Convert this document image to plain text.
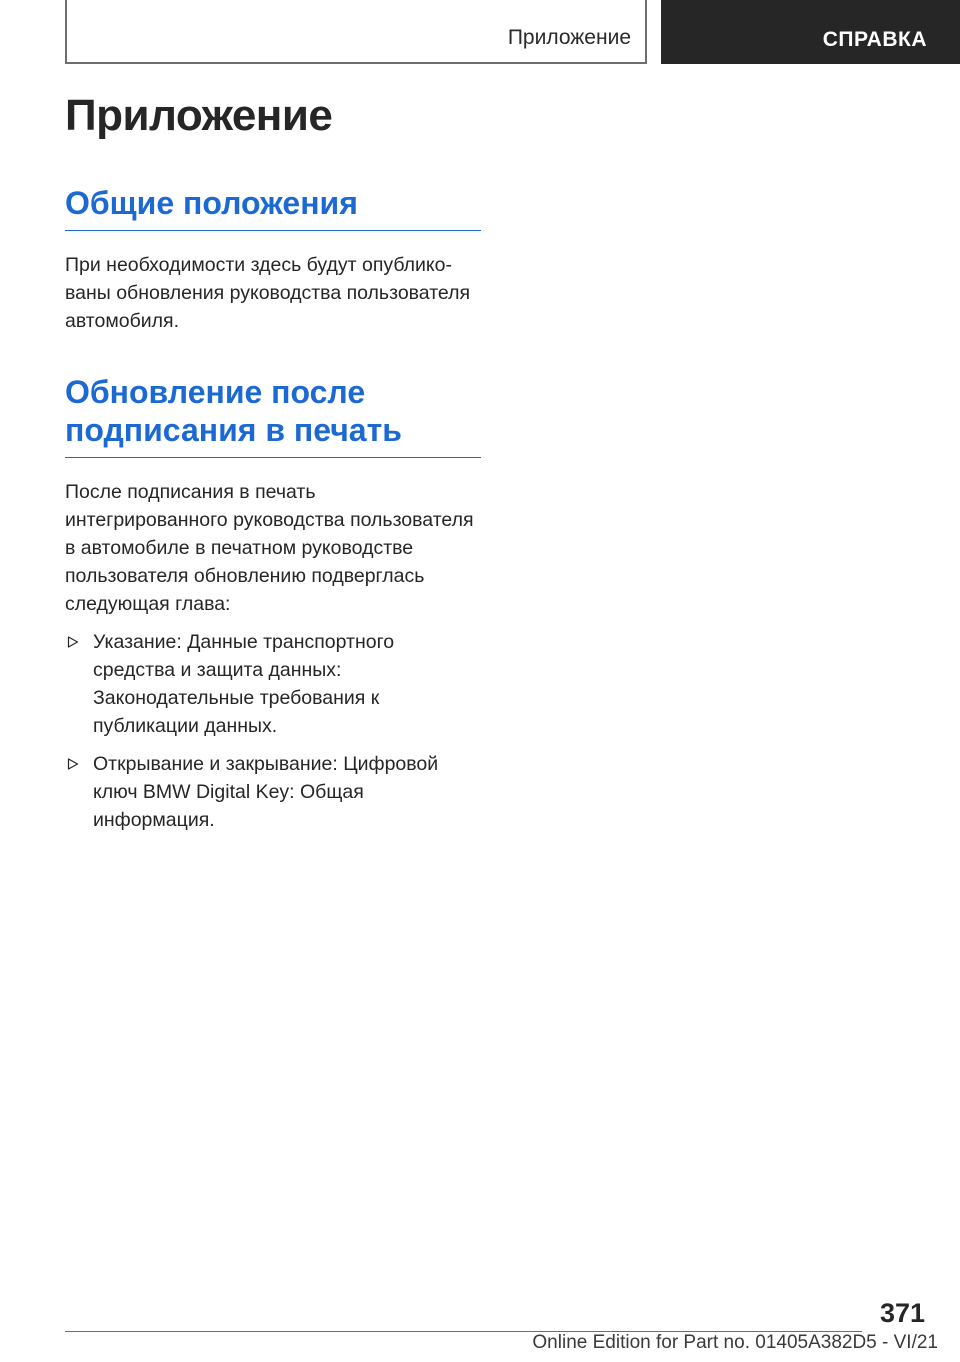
Приложение	СПРАВКА
Приложение
Общие положения

При необходимости здесь будут опубликованы обновления руководства пользователя автомобиля.

Обновление после подписания в печать

После подписания в печать интегрированного руководства пользователя в автомобиле в печатном руководстве пользователя обновлению подверглась следующая глава:

Указание: Данные транспортного средства и защита данных: Законодательные требования к публикации данных.
Открывание и закрывание: Цифровой ключ BMW Digital Key: Общая информация.
371
Online Edition for Part no. 01405A382D5 - VI/21
